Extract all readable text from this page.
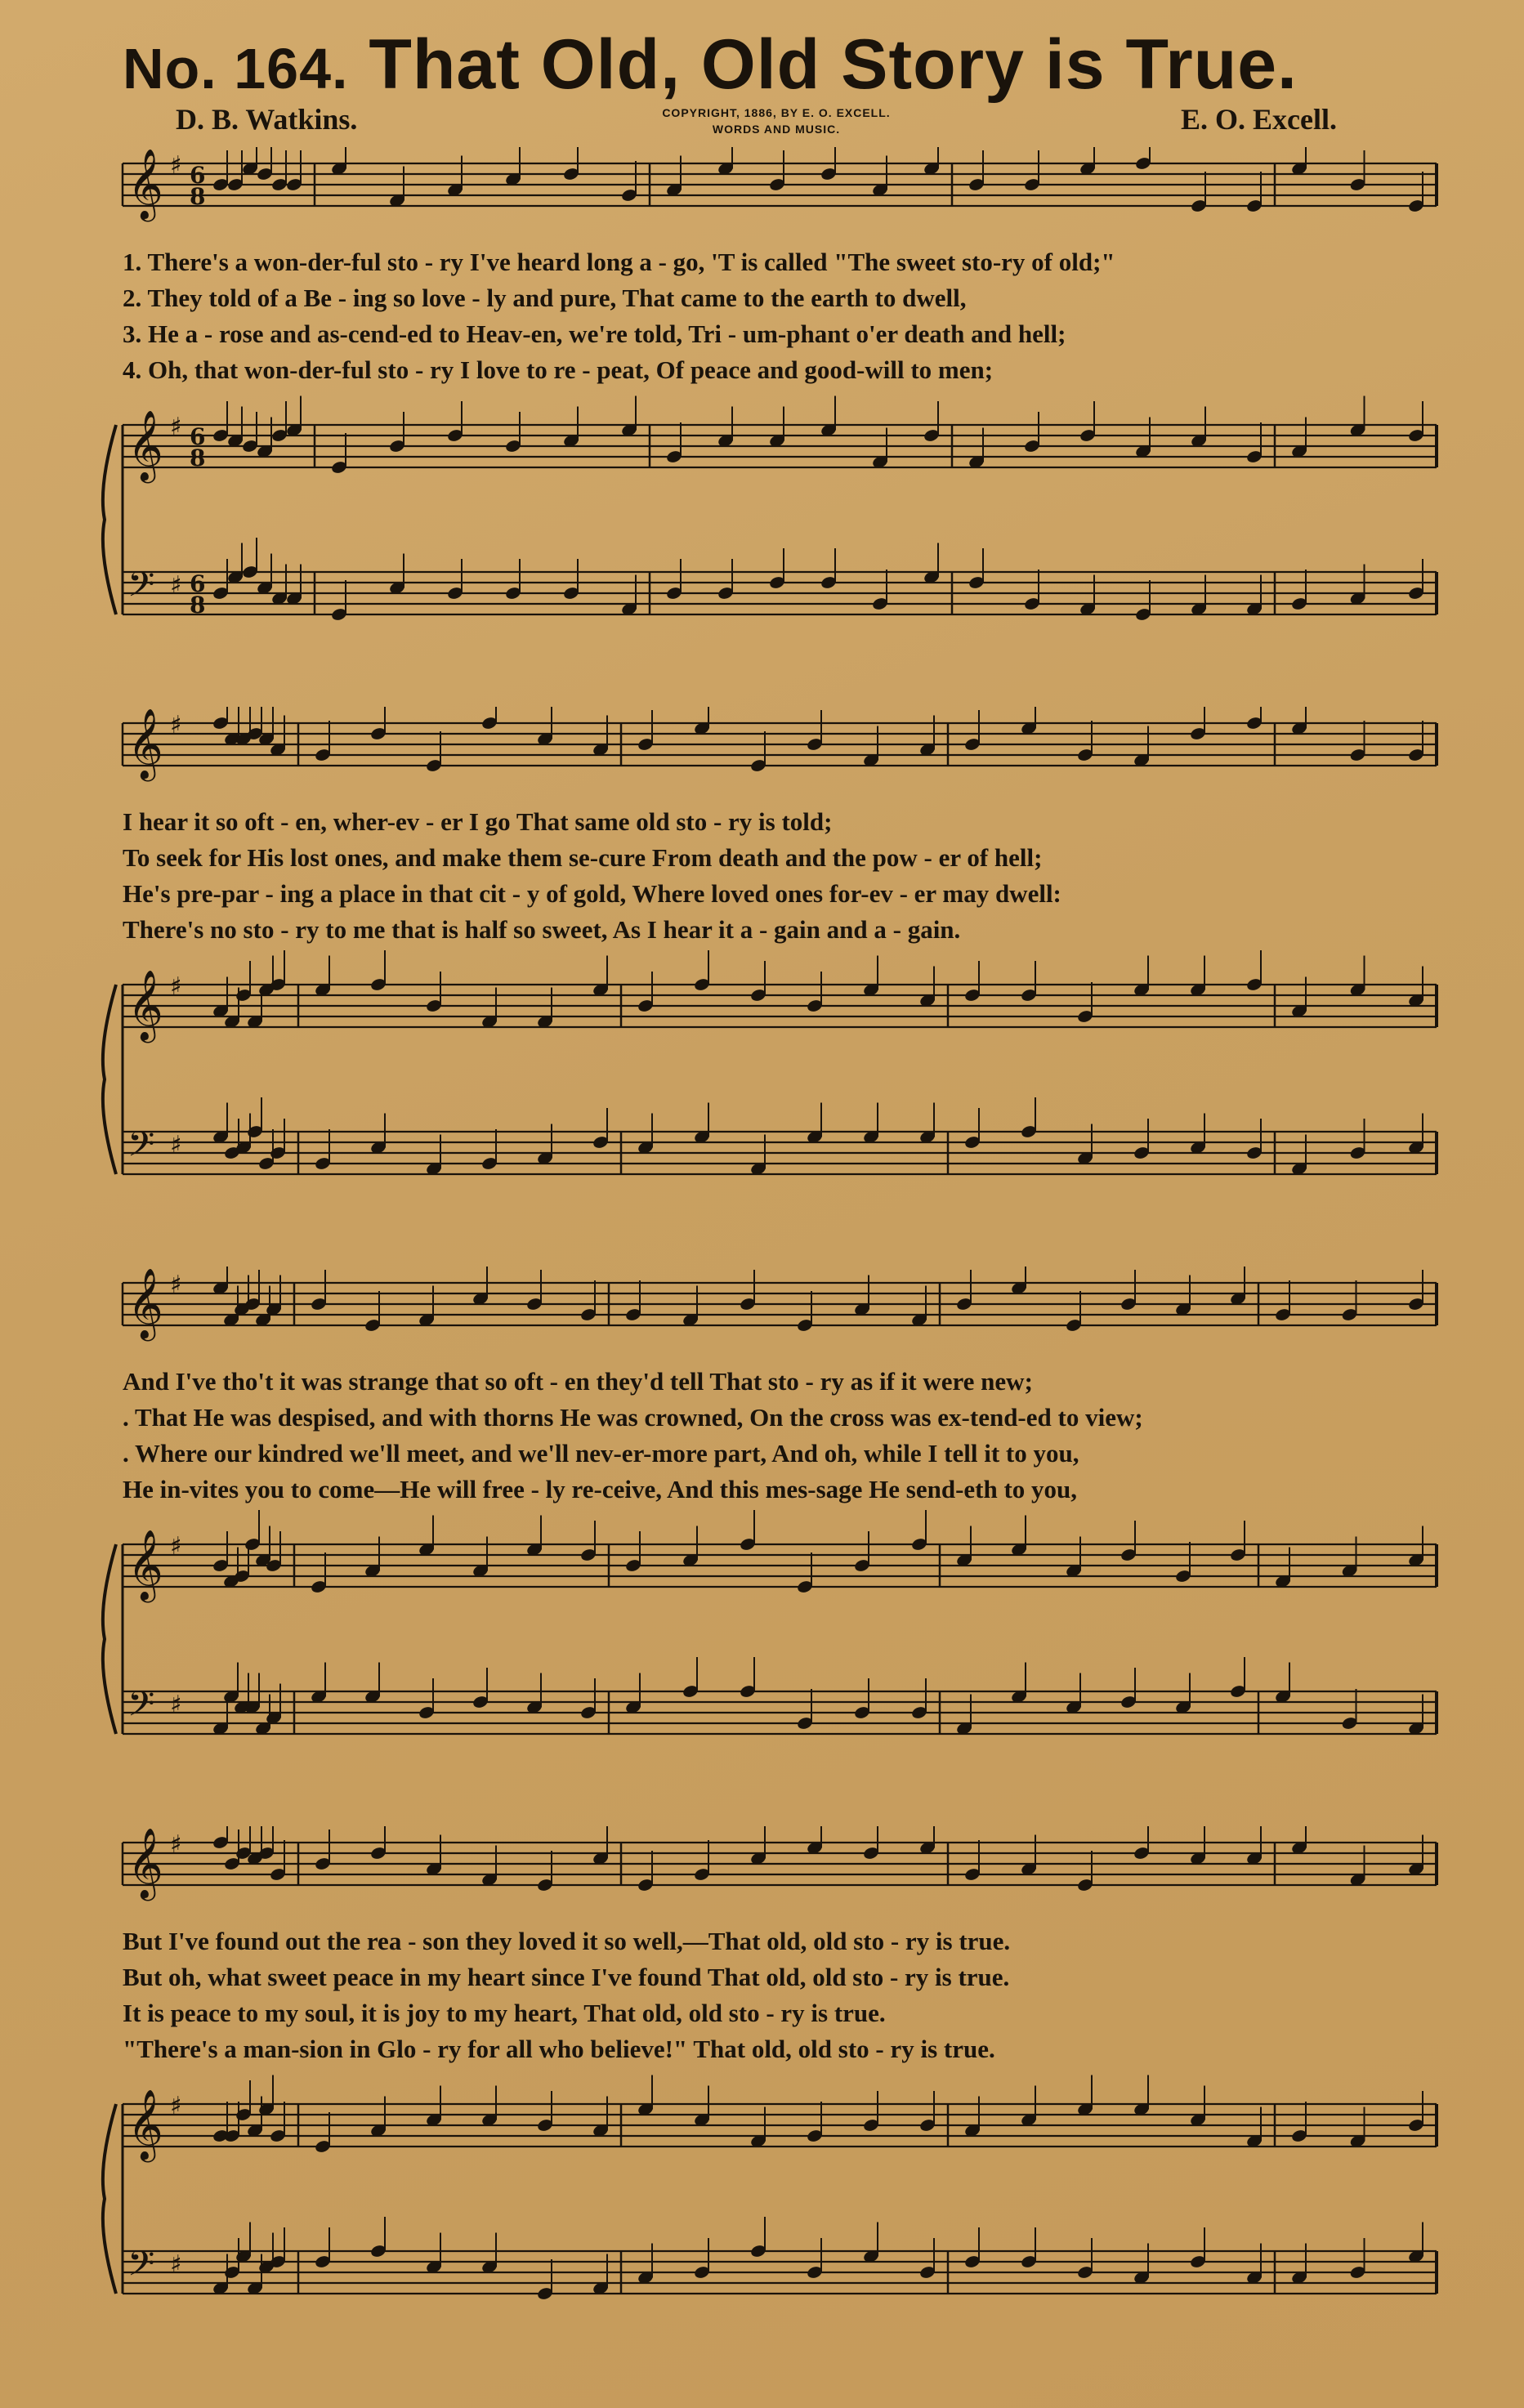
No. 164. That Old, Old Story is True.
D. B. Watkins.	COPYRIGHT, 1886, BY E. O. EXCELL.
WORDS AND MUSIC.	E. O. Excell.
𝄞 ♯ 6
8
𝄞 ♯ 6
8
𝄢 ♯ 6
8
1. There's a won-der-ful sto - ry I've heard long a - go, 'T is called "The sweet sto-ry of old;"
2. They told of a Be - ing so love - ly and pure, That came to the earth to dwell,
3. He a - rose and as-cend-ed to Heav-en, we're told, Tri - um-phant o'er death and hell;
4. Oh, that won-der-ful sto - ry I love to re - peat, Of peace and good-will to men;
𝄞 ♯
𝄞 ♯
𝄢 ♯
I hear it so oft - en, wher-ev - er I go That same old sto - ry is told;
To seek for His lost ones, and make them se-cure From death and the pow - er of hell;
He's pre-par - ing a place in that cit - y of gold, Where loved ones for-ev - er may dwell:
There's no sto - ry to me that is half so sweet, As I hear it a - gain and a - gain.
𝄞 ♯
𝄞 ♯
𝄢 ♯
And I've tho't it was strange that so oft - en they'd tell That sto - ry as if it were new;
. That He was despised, and with thorns He was crowned, On the cross was ex-tend-ed to view;
. Where our kindred we'll meet, and we'll nev-er-more part, And oh, while I tell it to you,
He in-vites you to come—He will free - ly re-ceive, And this mes-sage He send-eth to you,
𝄞 ♯
𝄞 ♯
𝄢 ♯
But I've found out the rea - son they loved it so well,—That old, old sto - ry is true.
But oh, what sweet peace in my heart since I've found That old, old sto - ry is true.
It is peace to my soul, it is joy to my heart, That old, old sto - ry is true.
"There's a man-sion in Glo - ry for all who believe!" That old, old sto - ry is true.
